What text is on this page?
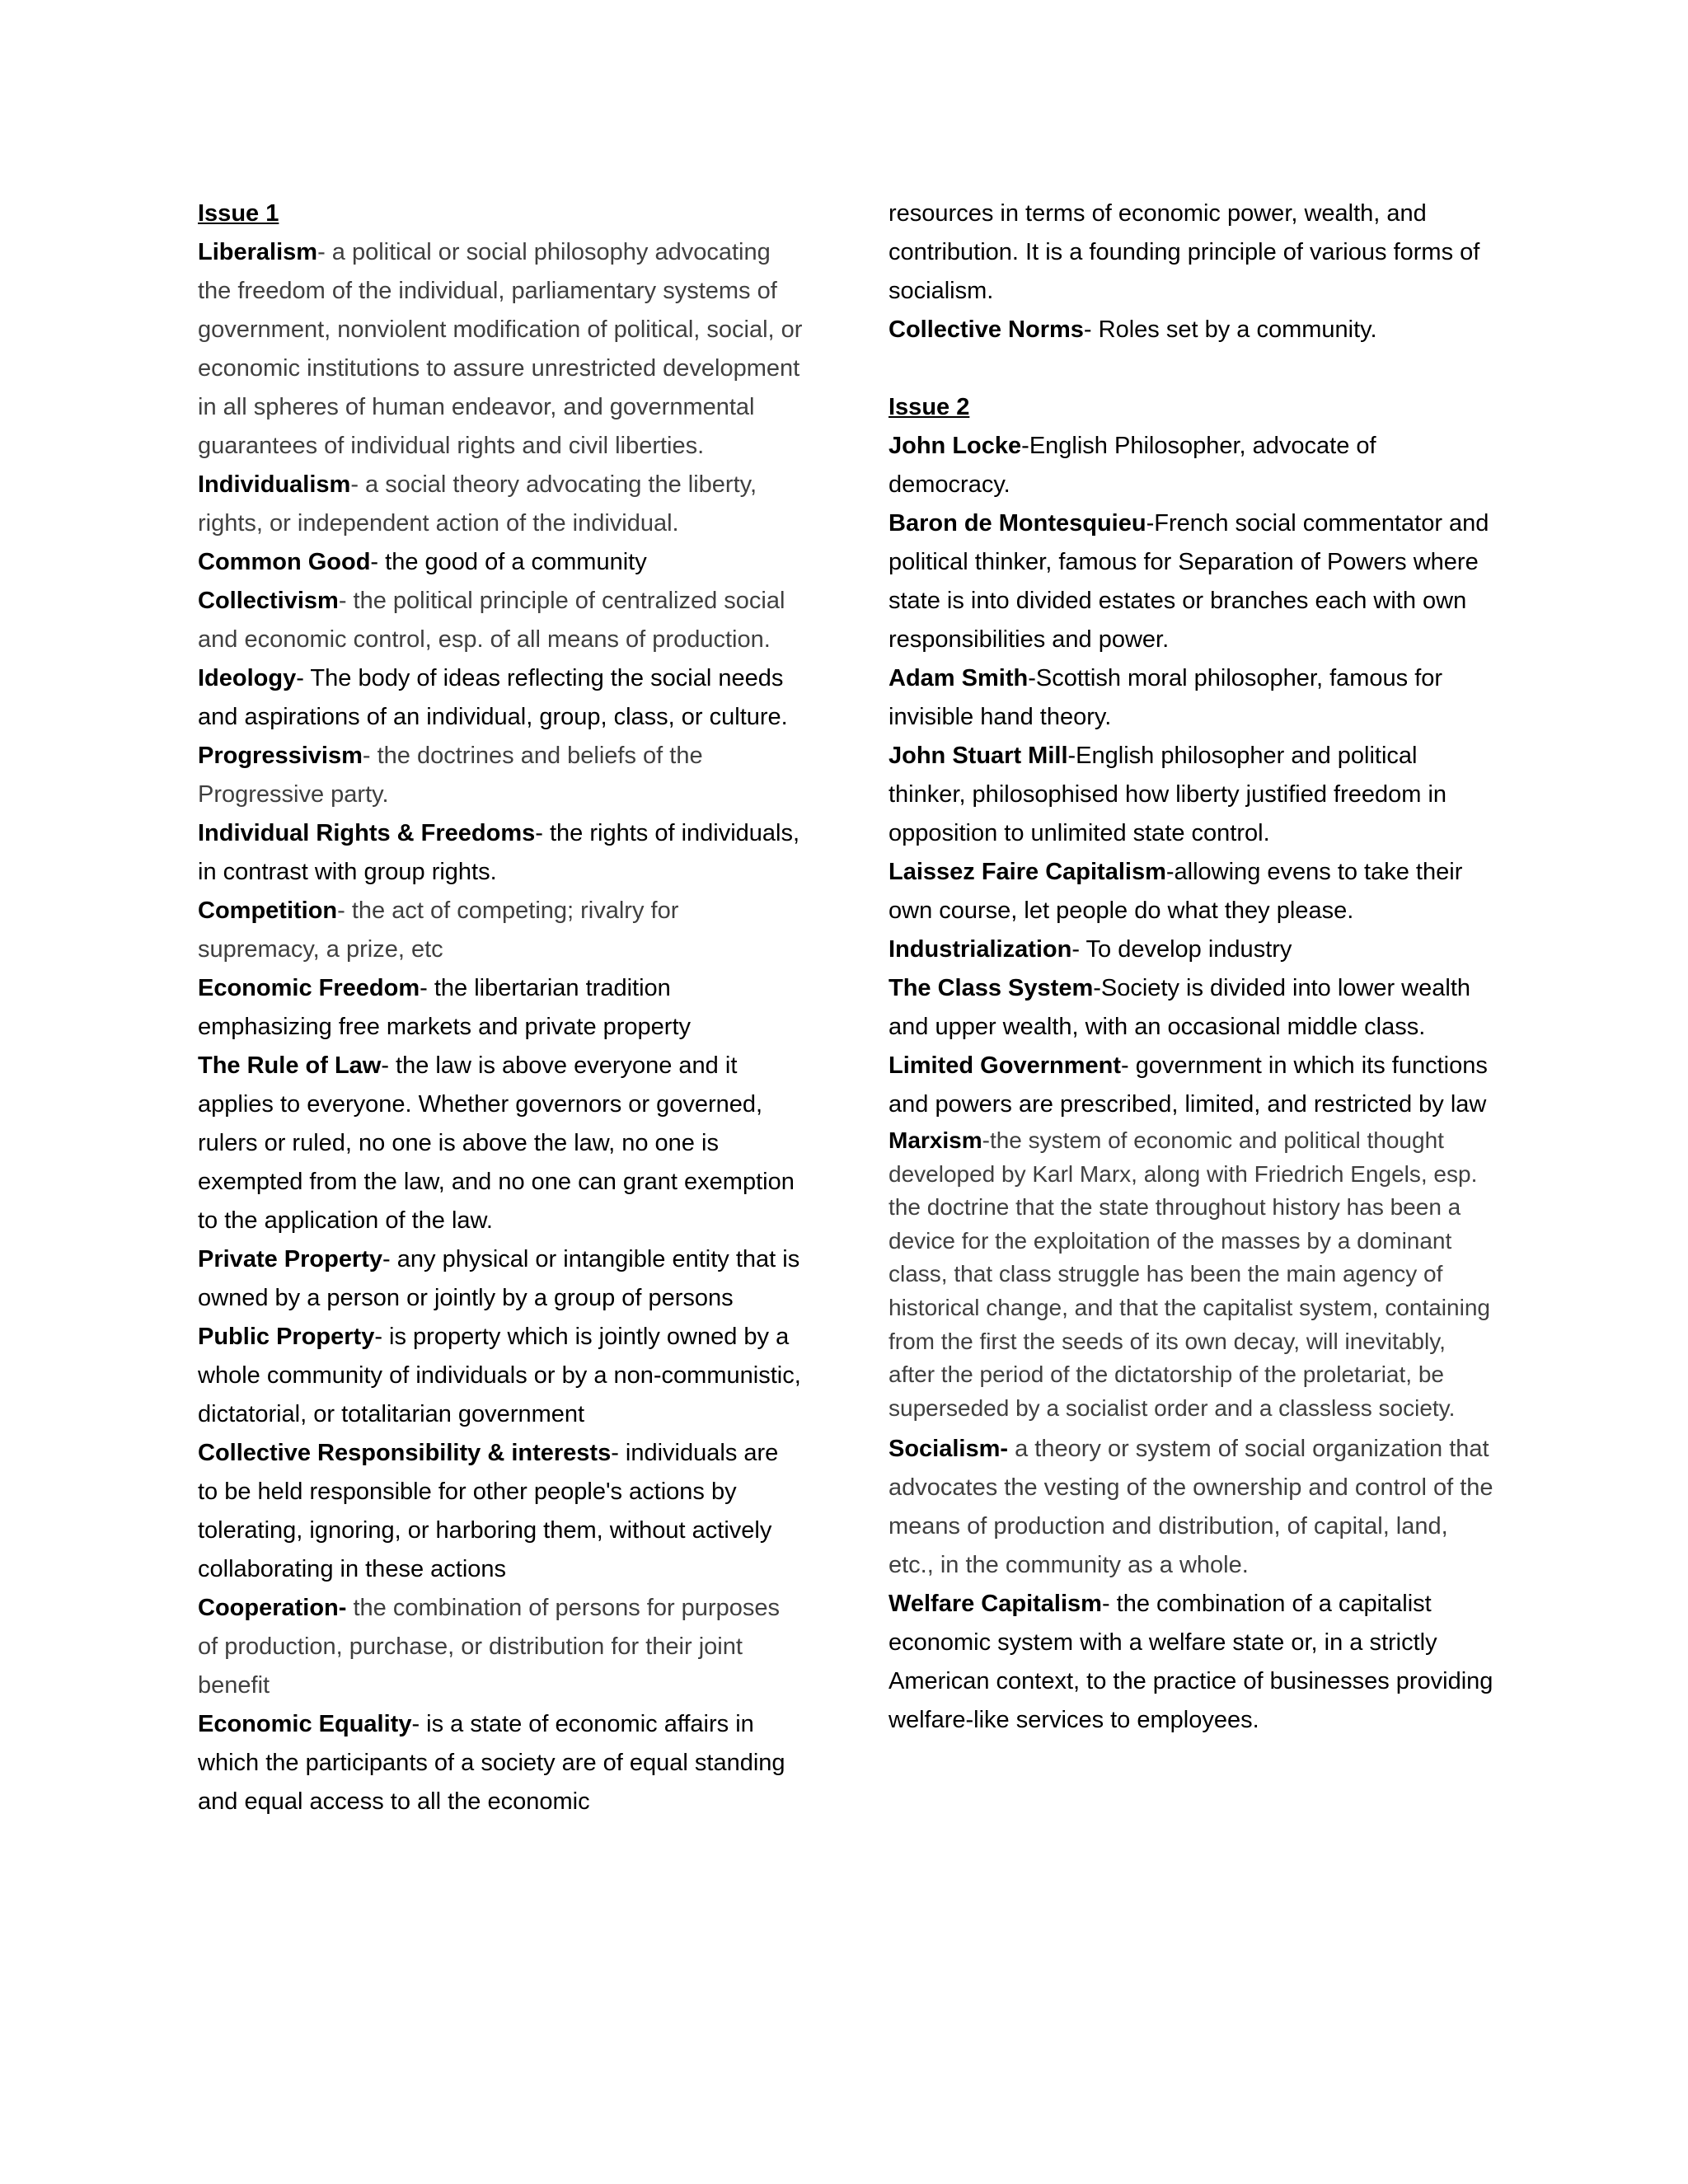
Issue 1

Liberalism- a political or social philosophy advocating the freedom of the individual, parliamentary systems of government, nonviolent modification of political, social, or economic institutions to assure unrestricted development in all spheres of human endeavor, and governmental guarantees of individual rights and civil liberties.

Individualism- a social theory advocating the liberty, rights, or independent action of the individual.

Common Good- the good of a community

Collectivism- the political principle of centralized social and economic control, esp. of all means of production.

Ideology- The body of ideas reflecting the social needs and aspirations of an individual, group, class, or culture.

Progressivism- the doctrines and beliefs of the Progressive party.

Individual Rights & Freedoms- the rights of individuals, in contrast with group rights.

Competition- the act of competing; rivalry for supremacy, a prize, etc

Economic Freedom- the libertarian tradition emphasizing free markets and private property

The Rule of Law- the law is above everyone and it applies to everyone. Whether governors or governed, rulers or ruled, no one is above the law, no one is exempted from the law, and no one can grant exemption to the application of the law.

Private Property- any physical or intangible entity that is owned by a person or jointly by a group of persons

Public Property- is property which is jointly owned by a whole community of individuals or by a non-communistic, dictatorial, or totalitarian government

Collective Responsibility & interests- individuals are to be held responsible for other people's actions by tolerating, ignoring, or harboring them, without actively collaborating in these actions

Cooperation- the combination of persons for purposes of production, purchase, or distribution for their joint benefit

Economic Equality- is a state of economic affairs in which the participants of a society are of equal standing and equal access to all the economic

resources in terms of economic power, wealth, and contribution. It is a founding principle of various forms of socialism.

Collective Norms- Roles set by a community.

Issue 2

John Locke-English Philosopher, advocate of democracy.

Baron de Montesquieu-French social commentator and political thinker, famous for Separation of Powers where state is into divided estates or branches each with own responsibilities and power.

Adam Smith-Scottish moral philosopher, famous for invisible hand theory.

John Stuart Mill-English philosopher and political thinker, philosophised how liberty justified freedom in opposition to unlimited state control.

Laissez Faire Capitalism-allowing evens to take their own course, let people do what they please.

Industrialization- To develop industry

The Class System-Society is divided into lower wealth and upper wealth, with an occasional middle class.

Limited Government- government in which its functions and powers are prescribed, limited, and restricted by law

Marxism-the system of economic and political thought developed by Karl Marx, along with Friedrich Engels, esp. the doctrine that the state throughout history has been a device for the exploitation of the masses by a dominant class, that class struggle has been the main agency of historical change, and that the capitalist system, containing from the first the seeds of its own decay, will inevitably, after the period of the dictatorship of the proletariat, be superseded by a socialist order and a classless society.

Socialism- a theory or system of social organization that advocates the vesting of the ownership and control of the means of production and distribution, of capital, land, etc., in the community as a whole.

Welfare Capitalism- the combination of a capitalist economic system with a welfare state or, in a strictly American context, to the practice of businesses providing welfare-like services to employees.
